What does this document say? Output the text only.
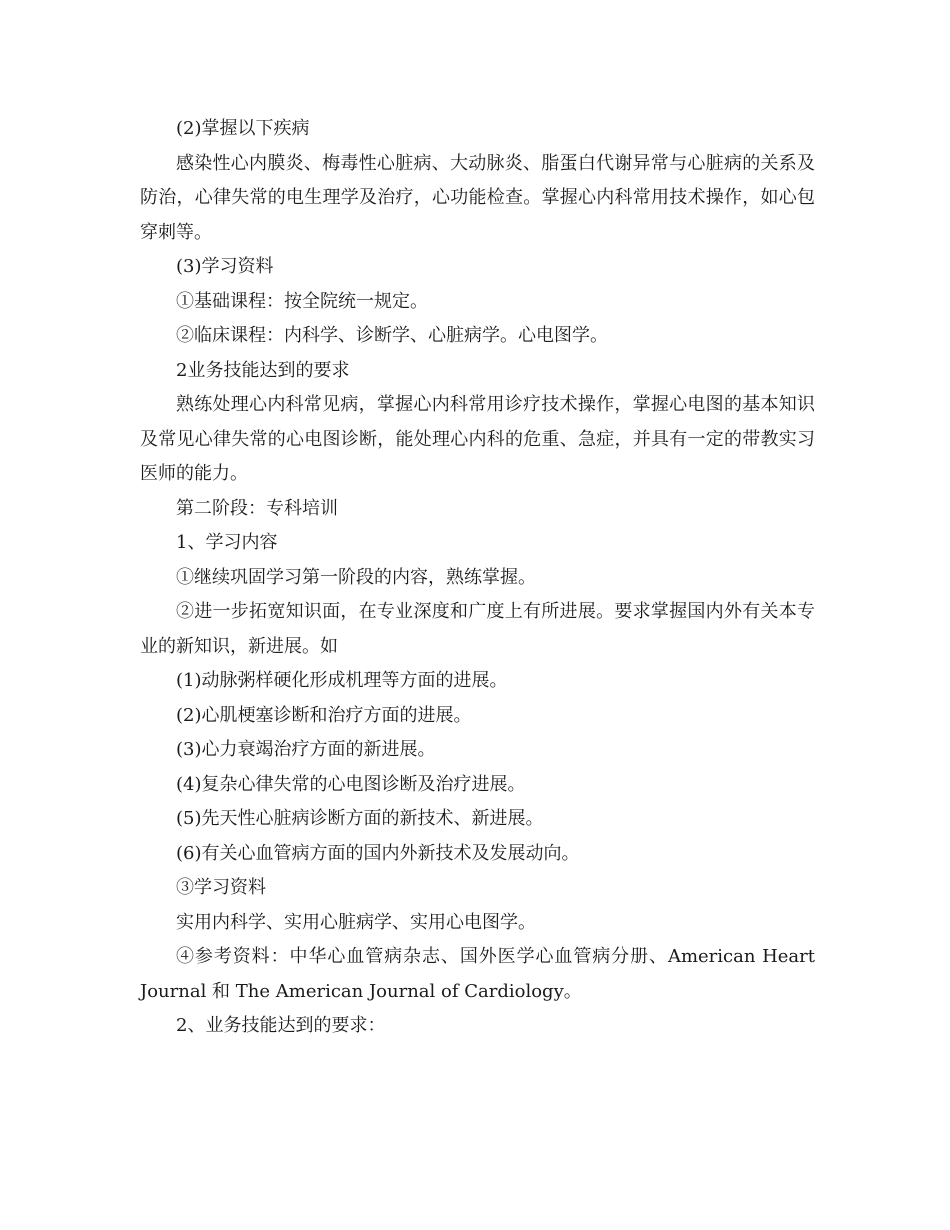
(2)掌握以下疾病

感染性心内膜炎、梅毒性心脏病、大动脉炎、脂蛋白代谢异常与心脏病的关系及防治，心律失常的电生理学及治疗，心功能检查。掌握心内科常用技术操作，如心包穿刺等。

(3)学习资料

①基础课程：按全院统一规定。

②临床课程：内科学、诊断学、心脏病学。心电图学。

2业务技能达到的要求

熟练处理心内科常见病，掌握心内科常用诊疗技术操作，掌握心电图的基本知识及常见心律失常的心电图诊断，能处理心内科的危重、急症，并具有一定的带教实习医师的能力。

第二阶段：专科培训

1、学习内容

①继续巩固学习第一阶段的内容，熟练掌握。

②进一步拓宽知识面，在专业深度和广度上有所进展。要求掌握国内外有关本专业的新知识，新进展。如

(1)动脉粥样硬化形成机理等方面的进展。

(2)心肌梗塞诊断和治疗方面的进展。

(3)心力衰竭治疗方面的新进展。

(4)复杂心律失常的心电图诊断及治疗进展。

(5)先天性心脏病诊断方面的新技术、新进展。

(6)有关心血管病方面的国内外新技术及发展动向。

③学习资料

实用内科学、实用心脏病学、实用心电图学。

④参考资料：中华心血管病杂志、国外医学心血管病分册、American Heart Journal 和 The American Journal of Cardiology。

2、业务技能达到的要求：
